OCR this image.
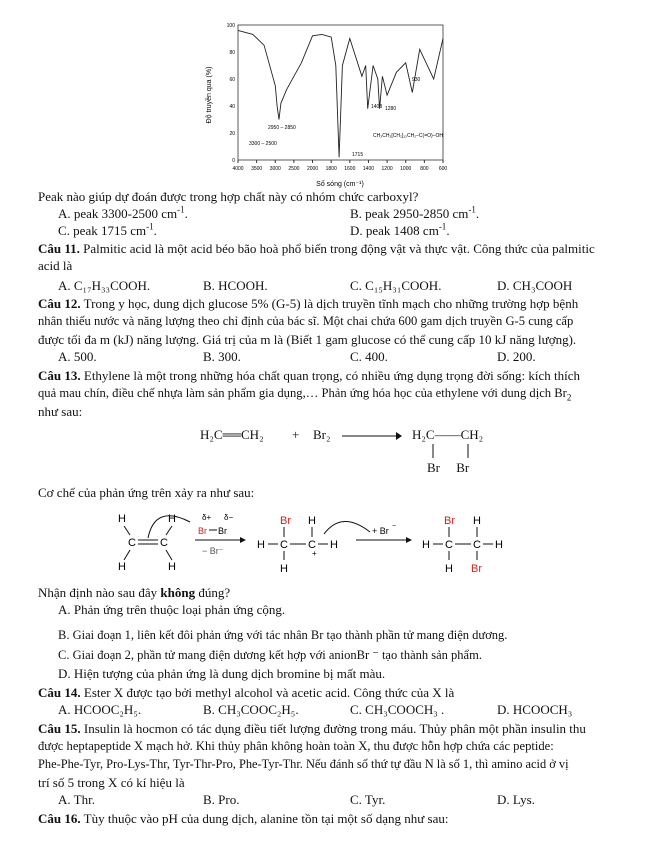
0
20
40
60
80
100
4000 3500 3000 2500 2000 1800 1600 1400 1200 1000 800 600
Độ truyền qua (%)
Số sóng (cm⁻¹)
3300 – 2500
2950 – 2850
1715
1408 1280
930
CH₃CH₂[CH₂]₁₂CH₂–C(=O)–OH
Peak nào giúp dự đoán được trong hợp chất này có nhóm chức carboxyl?
A. peak 3300-2500 $cm^{-1}$.	B. peak 2950-2850 $cm^{-1}$.
C. peak 1715 $cm^{-1}$.	D. peak 1408 $cm^{-1}$.
Câu 11. Palmitic acid là một acid béo bão hoà phổ biến trong động vật và thực vật. Công thức của palmitic
acid là
A. C₁₇H₃₃COOH.	B. HCOOH.	C. C₁₅H₃₁COOH.	D. CH₃COOH
Câu 12. Trong y học, dung dịch glucose 5% (G-5) là dịch truyền tĩnh mạch cho những trường hợp bệnh
nhân thiếu nước và năng lượng theo chỉ định của bác sĩ. Một chai chứa 600 gam dịch truyền G-5 cung cấp
được tối đa m (kJ) năng lượng. Giá trị của m là (Biết 1 gam glucose có thể cung cấp 10 kJ năng lượng).
A. 500.	B. 300.	C. 400.	D. 200.
Câu 13. Ethylene là một trong những hóa chất quan trọng, có nhiều ứng dụng trọng đời sống: kích thích
quả mau chín, điều chế nhựa làm sản phẩm gia dụng,… Phản ứng hóa học của ethylene với dung dịch $Br_2$
như sau:
H₂C══CH₂ + Br₂	H₂C——CH₂
Br     Br
Cơ chế của phản ứng trên xảy ra như sau:
H	H
C C
H	H
δ+ δ−
Br Br
− Br⁻	H C C H
Br H
H
+
+ Br −
H C C H
Br H
H Br
Nhận định nào sau đây không đúng?
A. Phản ứng trên thuộc loại phản ứng cộng.
B. Giai đoạn 1, liên kết đôi phản ứng với tác nhân Br tạo thành phần tử mang điện dương.
C. Giai đoạn 2, phần tử mang điện dương kết hợp với anionBr ⁻ tạo thành sản phẩm.
D. Hiện tượng của phản ứng là dung dịch bromine bị mất màu.
Câu 14. Ester X được tạo bởi methyl alcohol và acetic acid. Công thức của X là
A. HCOOC₂H₅.	B. CH₃COOC₂H₅.	C. CH₃COOCH₃ .	D. HCOOCH₃
Câu 15. Insulin là hocmon có tác dụng điều tiết lượng đường trong máu. Thủy phân một phần insulin thu
được heptapeptide X mạch hở. Khi thủy phân không hoàn toàn X, thu được hỗn hợp chứa các peptide:
Phe-Phe-Tyr, Pro-Lys-Thr, Tyr-Thr-Pro, Phe-Tyr-Thr. Nếu đánh số thứ tự đầu N là số 1, thì amino acid ở vị
trí số 5 trong X có kí hiệu là
A. Thr.	B. Pro.	C. Tyr.	D. Lys.
Câu 16. Tùy thuộc vào pH của dung dịch, alanine tồn tại một số dạng như sau:
